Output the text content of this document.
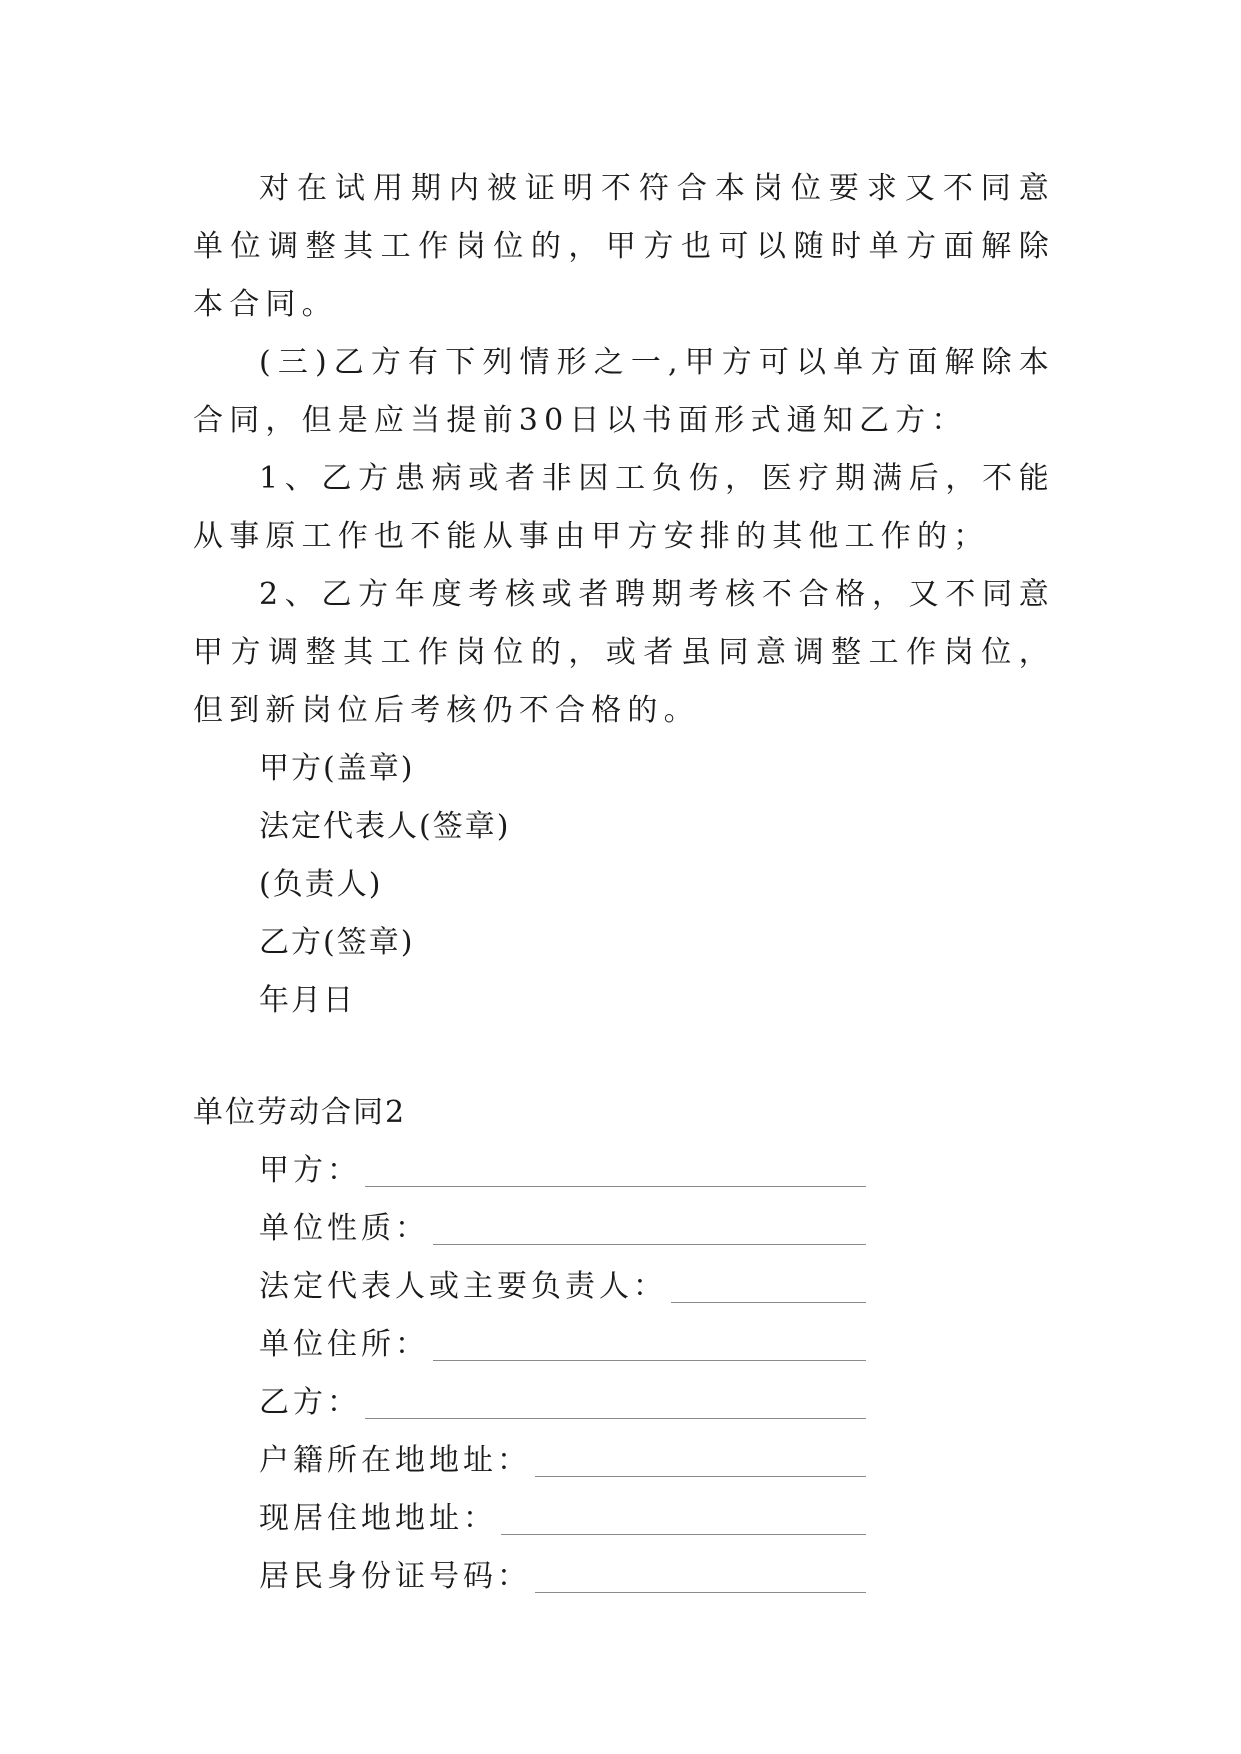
对在试用期内被证明不符合本岗位要求又不同意单位调整其工作岗位的，甲方也可以随时单方面解除本合同。

(三)乙方有下列情形之一,甲方可以单方面解除本合同，但是应当提前30日以书面形式通知乙方：

1、乙方患病或者非因工负伤，医疗期满后，不能从事原工作也不能从事由甲方安排的其他工作的；

2、乙方年度考核或者聘期考核不合格，又不同意甲方调整其工作岗位的，或者虽同意调整工作岗位，但到新岗位后考核仍不合格的。

甲方(盖章)

法定代表人(签章)

(负责人)

乙方(签章)

年月日

单位劳动合同2

甲方：
单位性质：
法定代表人或主要负责人：
单位住所：
乙方：
户籍所在地地址：
现居住地地址：
居民身份证号码：
